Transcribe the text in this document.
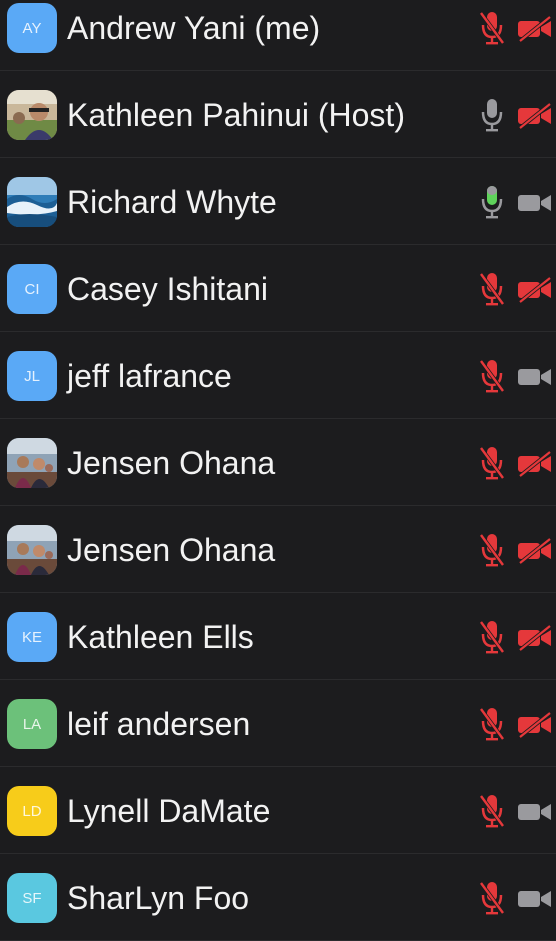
AY Andrew Yani (me)
Kathleen Pahinui (Host)
Richard Whyte
CI Casey Ishitani
JL jeff lafrance
Jensen Ohana
Jensen Ohana
KE Kathleen Ells
LA leif andersen
LD Lynell DaMate
SF SharLyn Foo
